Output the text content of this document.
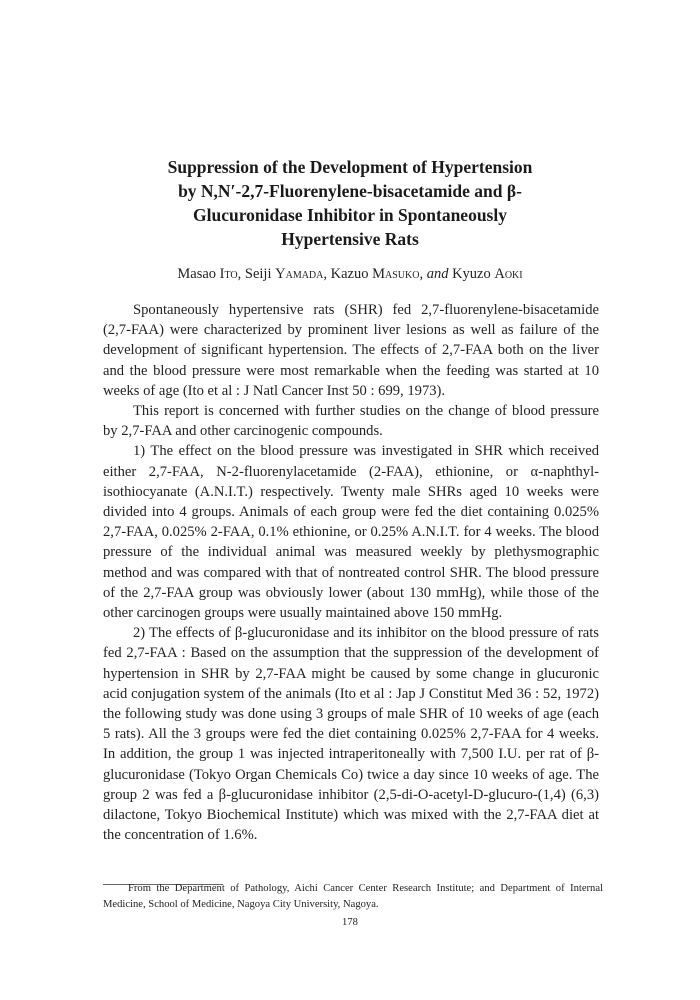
Suppression of the Development of Hypertension
by N,N′-2,7-Fluorenylene-bisacetamide and β-
Glucuronidase Inhibitor in Spontaneously
Hypertensive Rats
Masao Ito, Seiji Yamada, Kazuo Masuko, and Kyuzo Aoki

Spontaneously hypertensive rats (SHR) fed 2,7-fluorenylene-bisacetamide (2,7-FAA) were characterized by prominent liver lesions as well as failure of the development of significant hypertension. The effects of 2,7-FAA both on the liver and the blood pressure were most remarkable when the feeding was started at 10 weeks of age (Ito et al : J Natl Cancer Inst 50 : 699, 1973).

This report is concerned with further studies on the change of blood pressure by 2,7-FAA and other carcinogenic compounds.

1) The effect on the blood pressure was investigated in SHR which received either 2,7-FAA, N-2-fluorenylacetamide (2-FAA), ethionine, or α-naphthyl-isothiocyanate (A.N.I.T.) respectively. Twenty male SHRs aged 10 weeks were divided into 4 groups. Animals of each group were fed the diet containing 0.025% 2,7-FAA, 0.025% 2-FAA, 0.1% ethionine, or 0.25% A.N.I.T. for 4 weeks. The blood pressure of the individual animal was measured weekly by plethysmographic method and was compared with that of nontreated control SHR. The blood pressure of the 2,7-FAA group was obviously lower (about 130 mmHg), while those of the other carcinogen groups were usually maintained above 150 mmHg.

2) The effects of β-glucuronidase and its inhibitor on the blood pressure of rats fed 2,7-FAA : Based on the assumption that the suppression of the development of hypertension in SHR by 2,7-FAA might be caused by some change in glucuronic acid conjugation system of the animals (Ito et al : Jap J Constitut Med 36 : 52, 1972) the following study was done using 3 groups of male SHR of 10 weeks of age (each 5 rats). All the 3 groups were fed the diet containing 0.025% 2,7-FAA for 4 weeks. In addition, the group 1 was injected intraperitoneally with 7,500 I.U. per rat of β-glucuronidase (Tokyo Organ Chemicals Co) twice a day since 10 weeks of age. The group 2 was fed a β-glucuronidase inhibitor (2,5-di-O-acetyl-D-glucuro-(1,4) (6,3) dilactone, Tokyo Biochemical Institute) which was mixed with the 2,7-FAA diet at the concentration of 1.6%.

From the Department of Pathology, Aichi Cancer Center Research Institute; and Department of Internal Medicine, School of Medicine, Nagoya City University, Nagoya.
178
